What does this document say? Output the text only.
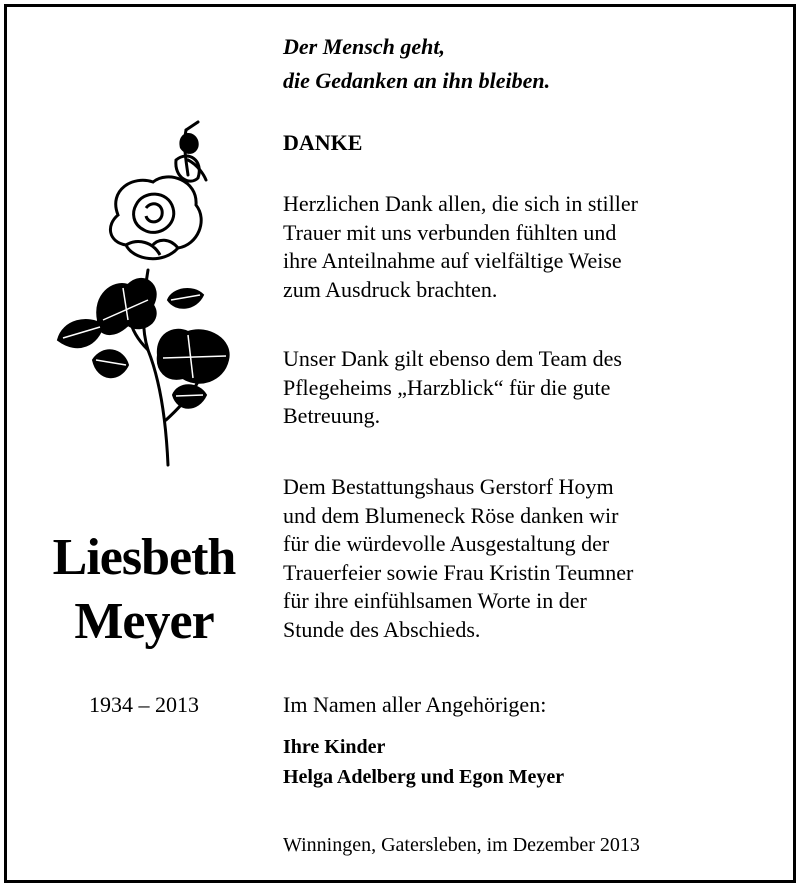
Liesbeth
Meyer
1934 – 2013
Der Mensch geht,
die Gedanken an ihn bleiben.
DANKE
Herzlichen Dank allen, die sich in stiller
Trauer mit uns verbunden fühlten und
ihre Anteilnahme auf vielfältige Weise
zum Ausdruck brachten.
Unser Dank gilt ebenso dem Team des
Pflegeheims „Harzblick“ für die gute
Betreuung.
Dem Bestattungshaus Gerstorf Hoym
und dem Blumeneck Röse danken wir
für die würdevolle Ausgestaltung der
Trauerfeier sowie Frau Kristin Teumner
für ihre einfühlsamen Worte in der
Stunde des Abschieds.
Im Namen aller Angehörigen:
Ihre Kinder
Helga Adelberg und Egon Meyer
Winningen, Gatersleben, im Dezember 2013
